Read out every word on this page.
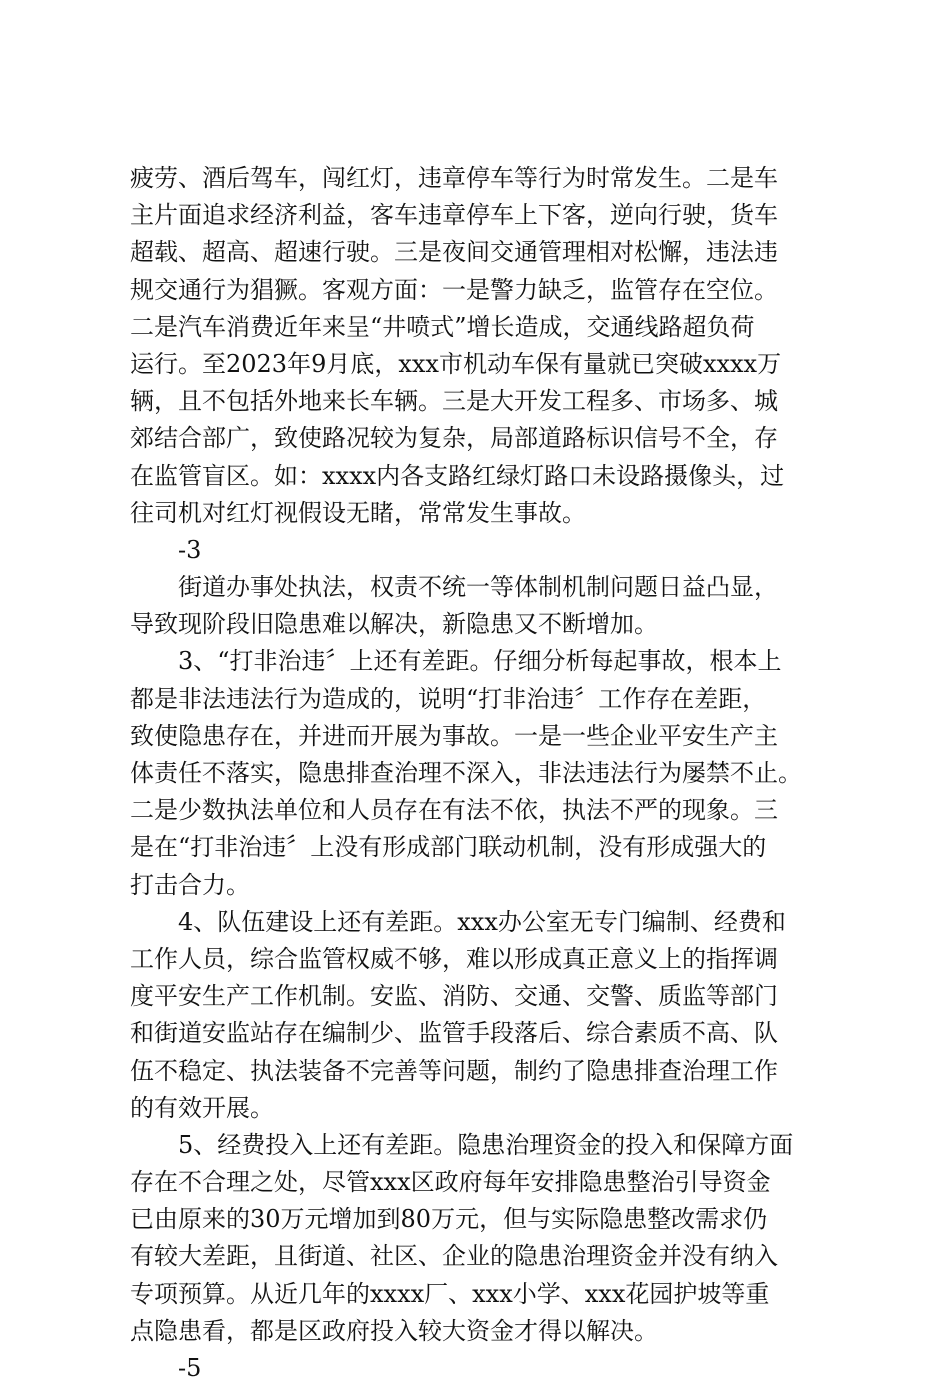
疲劳、酒后驾车，闯红灯，违章停车等行为时常发生。二是车
主片面追求经济利益，客车违章停车上下客，逆向行驶，货车
超载、超高、超速行驶。三是夜间交通管理相对松懈，违法违
规交通行为猖獗。客观方面：一是警力缺乏，监管存在空位。
二是汽车消费近年来呈“井喷式”增长造成，交通线路超负荷
运行。至2023年9月底，xxx市机动车保有量就已突破xxxx万
辆，且不包括外地来长车辆。三是大开发工程多、市场多、城
郊结合部广，致使路况较为复杂，局部道路标识信号不全，存
在监管盲区。如：xxxx内各支路红绿灯路口未设路摄像头，过
往司机对红灯视假设无睹，常常发生事故。
-3
街道办事处执法，权责不统一等体制机制问题日益凸显，
导致现阶段旧隐患难以解决，新隐患又不断增加。
3、“打非治违〞上还有差距。仔细分析每起事故，根本上
都是非法违法行为造成的，说明“打非治违〞工作存在差距，
致使隐患存在，并进而开展为事故。一是一些企业平安生产主
体责任不落实，隐患排查治理不深入，非法违法行为屡禁不止。
二是少数执法单位和人员存在有法不依，执法不严的现象。三
是在“打非治违〞上没有形成部门联动机制，没有形成强大的
打击合力。
4、队伍建设上还有差距。xxx办公室无专门编制、经费和
工作人员，综合监管权威不够，难以形成真正意义上的指挥调
度平安生产工作机制。安监、消防、交通、交警、质监等部门
和街道安监站存在编制少、监管手段落后、综合素质不高、队
伍不稳定、执法装备不完善等问题，制约了隐患排查治理工作
的有效开展。
5、经费投入上还有差距。隐患治理资金的投入和保障方面
存在不合理之处，尽管xxx区政府每年安排隐患整治引导资金
已由原来的30万元增加到80万元，但与实际隐患整改需求仍
有较大差距，且街道、社区、企业的隐患治理资金并没有纳入
专项预算。从近几年的xxxx厂、xxx小学、xxx花园护坡等重
点隐患看，都是区政府投入较大资金才得以解决。
-5
